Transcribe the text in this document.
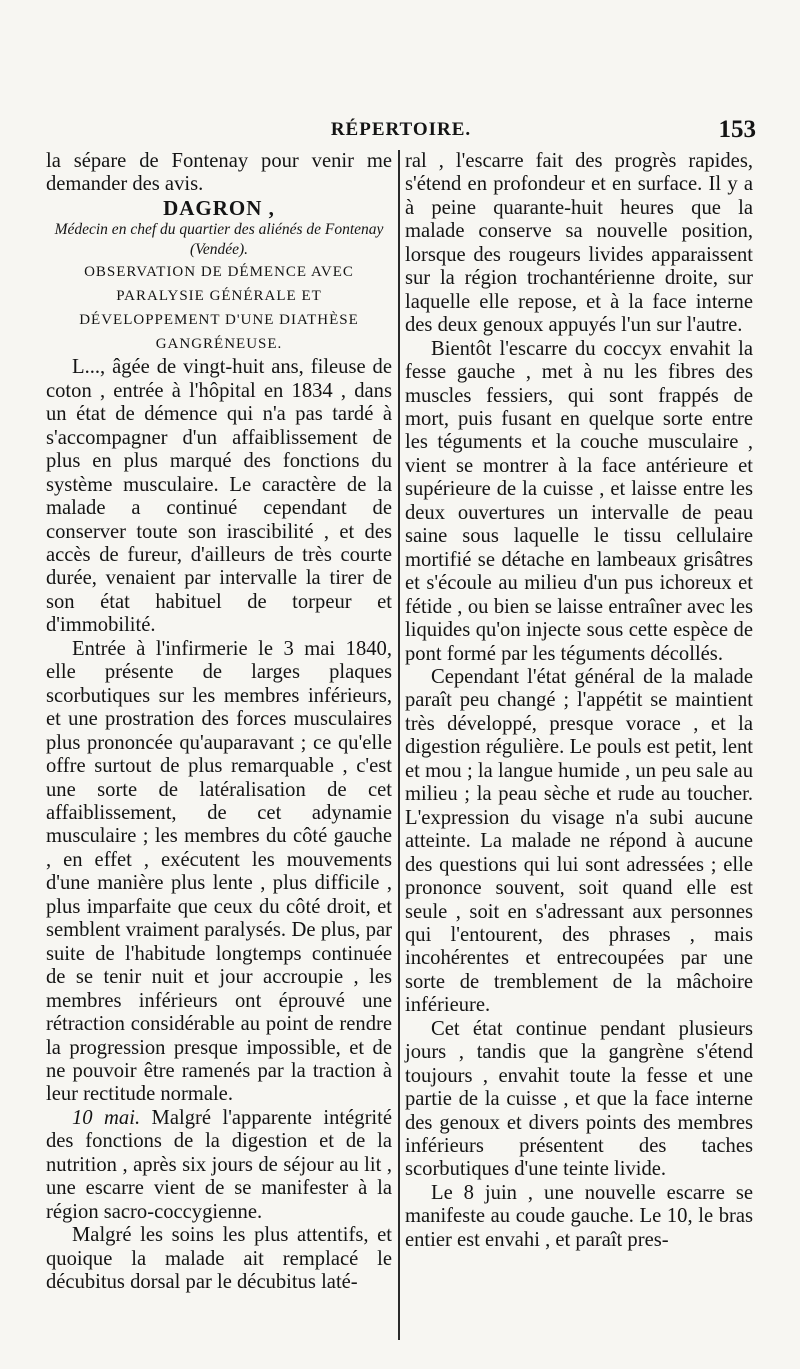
RÉPERTOIRE.	153

la sépare de Fontenay pour venir me demander des avis.

DAGRON ,

Médecin en chef du quartier des aliénés de Fontenay (Vendée).

OBSERVATION DE DÉMENCE AVEC PARALYSIE GÉNÉRALE ET DÉVELOPPEMENT D'UNE DIATHÈSE GANGRÉNEUSE.

L..., âgée de vingt-huit ans, fileuse de coton , entrée à l'hôpital en 1834 , dans un état de démence qui n'a pas tardé à s'accompagner d'un affaiblissement de plus en plus marqué des fonctions du système musculaire. Le caractère de la malade a continué cependant de conserver toute son irascibilité , et des accès de fureur, d'ailleurs de très courte durée, venaient par intervalle la tirer de son état habituel de torpeur et d'immobilité.

Entrée à l'infirmerie le 3 mai 1840, elle présente de larges plaques scorbutiques sur les membres inférieurs, et une prostration des forces musculaires plus prononcée qu'auparavant ; ce qu'elle offre surtout de plus remarquable , c'est une sorte de latéralisation de cet affaiblissement, de cet adynamie musculaire ; les membres du côté gauche , en effet , exécutent les mouvements d'une manière plus lente , plus difficile , plus imparfaite que ceux du côté droit, et semblent vraiment paralysés. De plus, par suite de l'habitude longtemps continuée de se tenir nuit et jour accroupie , les membres inférieurs ont éprouvé une rétraction considérable au point de rendre la progression presque impossible, et de ne pouvoir être ramenés par la traction à leur rectitude normale.

10 mai. Malgré l'apparente intégrité des fonctions de la digestion et de la nutrition , après six jours de séjour au lit , une escarre vient de se manifester à la région sacro-coccygienne.

Malgré les soins les plus attentifs, et quoique la malade ait remplacé le décubitus dorsal par le décubitus laté-

ral , l'escarre fait des progrès rapides, s'étend en profondeur et en surface. Il y a à peine quarante-huit heures que la malade conserve sa nouvelle position, lorsque des rougeurs livides apparaissent sur la région trochantérienne droite, sur laquelle elle repose, et à la face interne des deux genoux appuyés l'un sur l'autre.

Bientôt l'escarre du coccyx envahit la fesse gauche , met à nu les fibres des muscles fessiers, qui sont frappés de mort, puis fusant en quelque sorte entre les téguments et la couche musculaire , vient se montrer à la face antérieure et supérieure de la cuisse , et laisse entre les deux ouvertures un intervalle de peau saine sous laquelle le tissu cellulaire mortifié se détache en lambeaux grisâtres et s'écoule au milieu d'un pus ichoreux et fétide , ou bien se laisse entraîner avec les liquides qu'on injecte sous cette espèce de pont formé par les téguments décollés.

Cependant l'état général de la malade paraît peu changé ; l'appétit se maintient très développé, presque vorace , et la digestion régulière. Le pouls est petit, lent et mou ; la langue humide , un peu sale au milieu ; la peau sèche et rude au toucher. L'expression du visage n'a subi aucune atteinte. La malade ne répond à aucune des questions qui lui sont adressées ; elle prononce souvent, soit quand elle est seule , soit en s'adressant aux personnes qui l'entourent, des phrases , mais incohérentes et entrecoupées par une sorte de tremblement de la mâchoire inférieure.

Cet état continue pendant plusieurs jours , tandis que la gangrène s'étend toujours , envahit toute la fesse et une partie de la cuisse , et que la face interne des genoux et divers points des membres inférieurs présentent des taches scorbutiques d'une teinte livide.

Le 8 juin , une nouvelle escarre se manifeste au coude gauche. Le 10, le bras entier est envahi , et paraît pres-
